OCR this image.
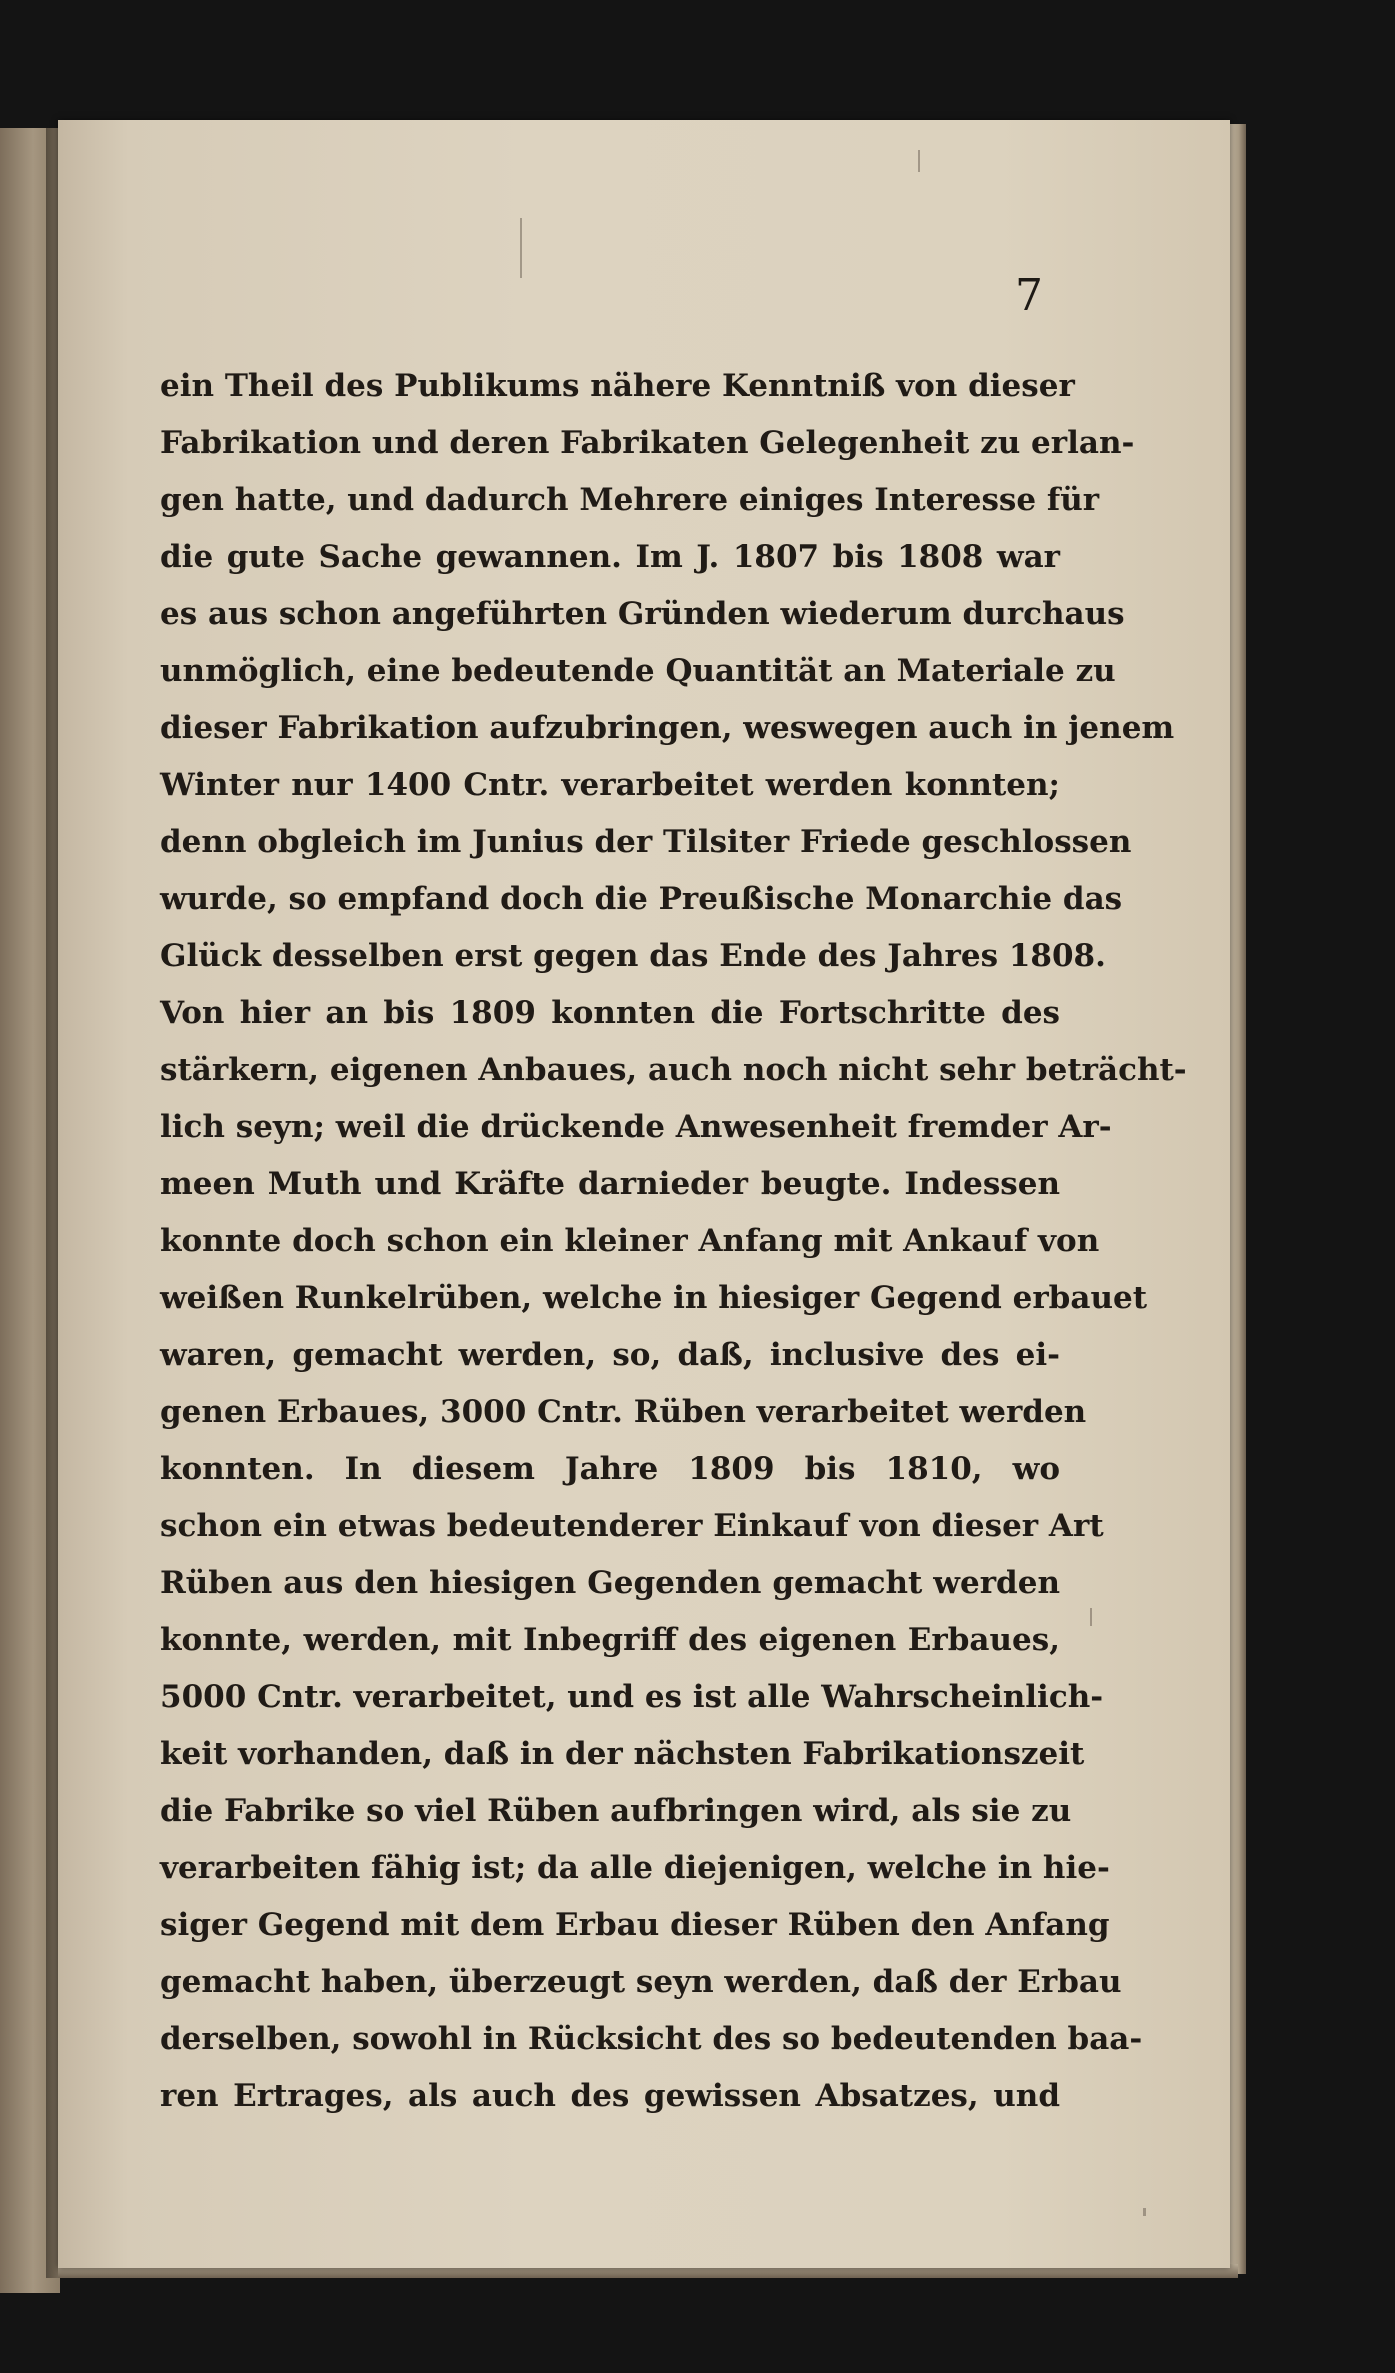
7
ein Theil des Publikums nähere Kenntniß von dieser
Fabrikation und deren Fabrikaten Gelegenheit zu erlan-
gen hatte, und dadurch Mehrere einiges Interesse für
die gute Sache gewannen. Im J. 1807 bis 1808 war
es aus schon angeführten Gründen wiederum durchaus
unmöglich, eine bedeutende Quantität an Materiale zu
dieser Fabrikation aufzubringen, weswegen auch in jenem
Winter nur 1400 Cntr. verarbeitet werden konnten;
denn obgleich im Junius der Tilsiter Friede geschlossen
wurde, so empfand doch die Preußische Monarchie das
Glück desselben erst gegen das Ende des Jahres 1808.
Von hier an bis 1809 konnten die Fortschritte des
stärkern, eigenen Anbaues, auch noch nicht sehr beträcht-
lich seyn; weil die drückende Anwesenheit fremder Ar-
meen Muth und Kräfte darnieder beugte. Indessen
konnte doch schon ein kleiner Anfang mit Ankauf von
weißen Runkelrüben, welche in hiesiger Gegend erbauet
waren, gemacht werden, so, daß, inclusive des ei-
genen Erbaues, 3000 Cntr. Rüben verarbeitet werden
konnten. In diesem Jahre 1809 bis 1810, wo
schon ein etwas bedeutenderer Einkauf von dieser Art
Rüben aus den hiesigen Gegenden gemacht werden
konnte, werden, mit Inbegriff des eigenen Erbaues,
5000 Cntr. verarbeitet, und es ist alle Wahrscheinlich-
keit vorhanden, daß in der nächsten Fabrikationszeit
die Fabrike so viel Rüben aufbringen wird, als sie zu
verarbeiten fähig ist; da alle diejenigen, welche in hie-
siger Gegend mit dem Erbau dieser Rüben den Anfang
gemacht haben, überzeugt seyn werden, daß der Erbau
derselben, sowohl in Rücksicht des so bedeutenden baa-
ren Ertrages, als auch des gewissen Absatzes, und
